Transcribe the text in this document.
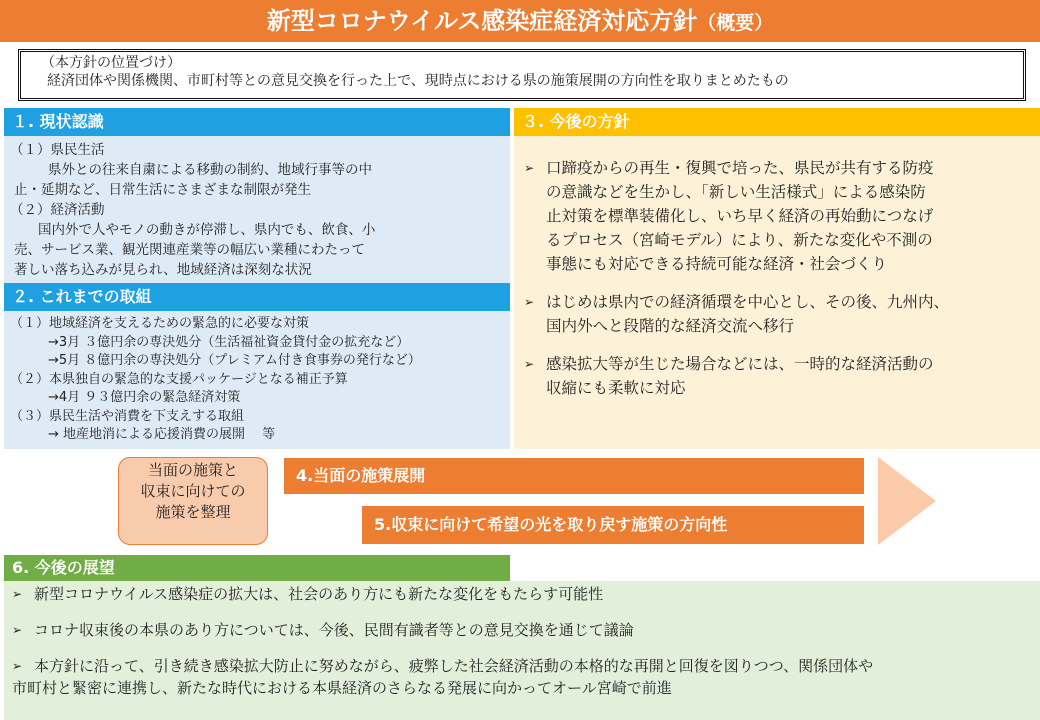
新型コロナウイルス感染症経済対応方針（概要）
（本方針の位置づけ）
経済団体や関係機関、市町村等との意見交換を行った上で、現時点における県の施策展開の方向性を取りまとめたもの
１. 現状認識
（１）県民生活
県外との往来自粛による移動の制約、地域行事等の中
止・延期など、日常生活にさまざまな制限が発生
（２）経済活動
国内外で人やモノの動きが停滞し、県内でも、飲食、小
売、サービス業、観光関連産業等の幅広い業種にわたって
著しい落ち込みが見られ、地域経済は深刻な状況
２. これまでの取組
（１）地域経済を支えるための緊急的に必要な対策
→3月 ３億円余の専決処分（生活福祉資金貸付金の拡充など）
→5月 ８億円余の専決処分（プレミアム付き食事券の発行など）
（２）本県独自の緊急的な支援パッケージとなる補正予算
→4月 ９３億円余の緊急経済対策
（３）県民生活や消費を下支えする取組
→ 地産地消による応援消費の展開　 等
３. 今後の方針
➢ 口蹄疫からの再生・復興で培った、県民が共有する防疫
の意識などを生かし、「新しい生活様式」による感染防
止対策を標準装備化し、いち早く経済の再始動につなげ
るプロセス（宮崎モデル）により、新たな変化や不測の
事態にも対応できる持続可能な経済・社会づくり
➢ はじめは県内での経済循環を中心とし、その後、九州内、
国内外へと段階的な経済交流へ移行
➢ 感染拡大等が生じた場合などには、一時的な経済活動の
収縮にも柔軟に対応
当面の施策と
収束に向けての
施策を整理
4.当面の施策展開
5.収束に向けて希望の光を取り戻す施策の方向性
6. 今後の展望
➢ 新型コロナウイルス感染症の拡大は、社会のあり方にも新たな変化をもたらす可能性
➢ コロナ収束後の本県のあり方については、今後、民間有識者等との意見交換を通じて議論
➢ 本方針に沿って、引き続き感染拡大防止に努めながら、疲弊した社会経済活動の本格的な再開と回復を図りつつ、関係団体や
市町村と緊密に連携し、新たな時代における本県経済のさらなる発展に向かってオール宮崎で前進
